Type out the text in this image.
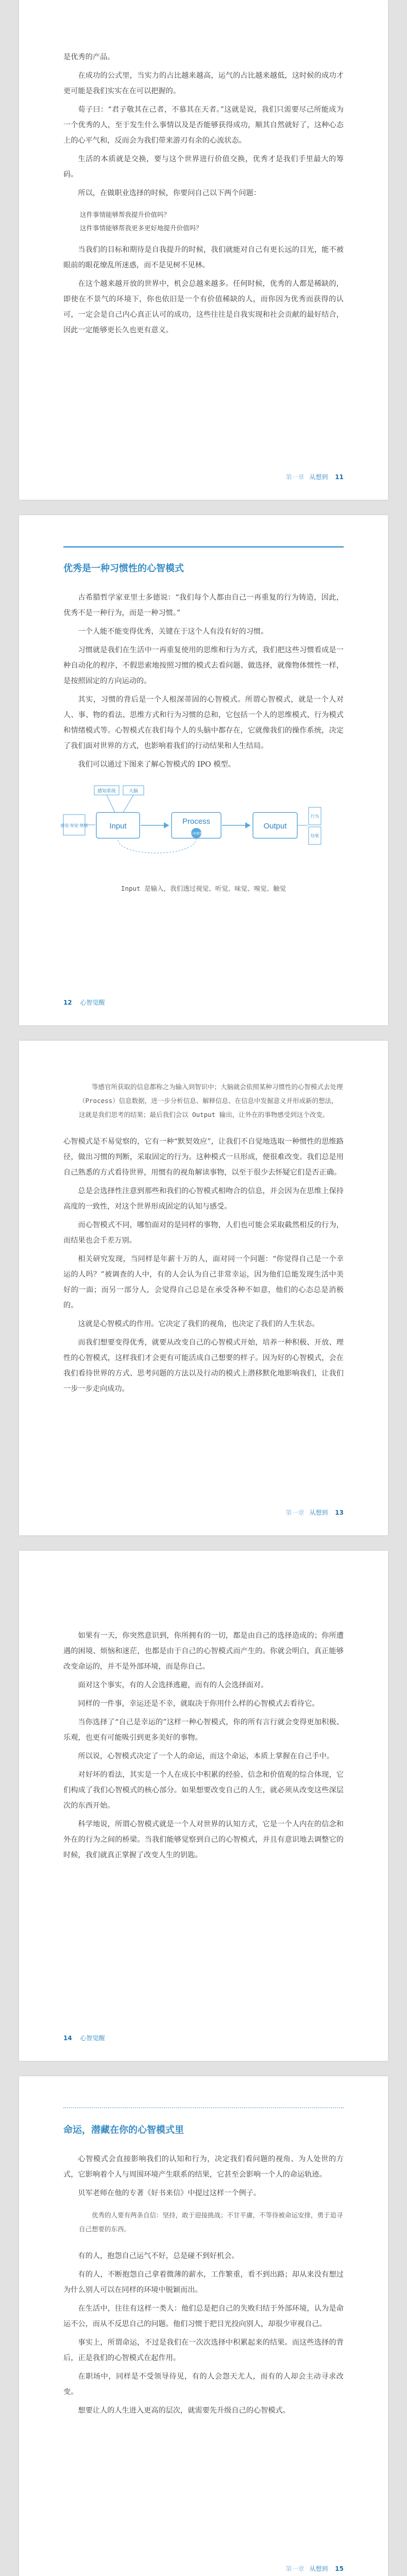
是优秀的产品。

在成功的公式里，当实力的占比越来越高，运气的占比越来越低，这时候的成功才更可能是我们实实在在可以把握的。

荀子曰：“君子敬其在己者，不慕其在天者。”这就是说，我们只需要尽己所能成为一个优秀的人，至于发生什么事情以及是否能够获得成功，顺其自然就好了，这种心态上的心平气和，反而会为我们带来游刃有余的心流状态。

生活的本质就是交换，要与这个世界进行价值交换，优秀才是我们手里最大的筹码。

所以，在做职业选择的时候，你要问自己以下两个问题：

这件事情能够帮我提升价值吗？
这件事情能够帮我更多更好地提升价值吗？

当我们的目标和期待是自我提升的时候，我们就能对自己有更长远的目光，能不被眼前的眼花缭乱所迷惑，而不是见树不见林。

在这个越来越开放的世界中，机会总越来越多。任何时候，优秀的人都是稀缺的，即使在不景气的环境下，你也依旧是一个有价值稀缺的人，而你因为优秀而获得的认可，一定会是自己内心真正认可的成功，这些往往是自我实现和社会贡献的最好结合，因此一定能够更长久也更有意义。

第一章 从想到 11
优秀是一种习惯性的心智模式

古希腊哲学家亚里士多德说：“我们每个人都由自己一再重复的行为铸造，因此，优秀不是一种行为，而是一种习惯。”

一个人能不能变得优秀，关键在于这个人有没有好的习惯。

习惯就是我们在生活中一再重复使用的思维和行为方式，我们把这些习惯看成是一种自动化的程序，不假思索地按照习惯的模式去看问题、做选择，就像物体惯性一样，是按照固定的方向运动的。

其实，习惯的背后是一个人根深蒂固的心智模式。所谓心智模式，就是一个人对人、事、物的看法、思维方式和行为习惯的总和，它包括一个人的思维模式、行为模式和情绪模式等。心智模式在我们每个人的头脑中都存在，它就像我们的操作系统，决定了我们面对世界的方式，也影响着我们的行动结果和人生结局。

我们可以通过下图来了解心智模式的 IPO 模型。

感知系统	大脑
感觉·知觉·情绪	Input
Process
心智模型
Output
行为
结果
Input 是输入，我们透过视觉、听觉、味觉、嗅觉、触觉
12 心智觉醒
等感官所获取的信息都称之为输入到智识中；大脑就会依照某种习惯性的心智模式去处理（Process）信息数据，进一步分析信息、解释信息、在信息中发掘意义并形成新的想法，这就是我们思考的结果；最后我们会以 Output 输出，让外在的事物感受到这个改变。

心智模式是不易觉察的，它有一种“默契效应”，让我们不自觉地选取一种惯性的思维路径，做出习惯的判断，采取固定的行为。这种模式一旦形成，便很难改变。我们总是用自己熟悉的方式看待世界，用惯有的视角解读事物，以至于很少去怀疑它们是否正确。

总是会选择性注意到那些和我们的心智模式相吻合的信息，并会因为在思维上保持高度的一致性，对这个世界形成固定的认知与感受。

而心智模式不同，哪怕面对的是同样的事物，人们也可能会采取截然相反的行为，而结果也会千差万别。

相关研究发现，当同样是年薪十万的人，面对同一个问题：“你觉得自己是一个幸运的人吗？”被调查的人中，有的人会认为自己非常幸运，因为他们总能发现生活中美好的一面；而另一部分人，会觉得自己总是在承受各种不如意，他们的心态总是消极的。

这就是心智模式的作用。它决定了我们的视角，也决定了我们的人生状态。

而我们想要变得优秀，就要从改变自己的心智模式开始，培养一种积极、开放、理性的心智模式，这样我们才会更有可能活成自己想要的样子。因为好的心智模式，会在我们看待世界的方式、思考问题的方法以及行动的模式上潜移默化地影响我们，让我们一步一步走向成功。

第一章 从想到 13

如果有一天，你突然意识到，你所拥有的一切，都是由自己的选择造成的；你所遭遇的困境、烦恼和迷茫，也都是由于自己的心智模式而产生的。你就会明白，真正能够改变命运的，并不是外部环境，而是你自己。

面对这个事实，有的人会选择逃避，而有的人会选择面对。

同样的一件事，幸运还是不幸，就取决于你用什么样的心智模式去看待它。

当你选择了“自己是幸运的”这样一种心智模式，你的所有言行就会变得更加积极、乐观，也更有可能吸引到更多美好的事物。

所以说，心智模式决定了一个人的命运，而这个命运，本质上掌握在自己手中。

对好坏的看法，其实是一个人在成长中积累的经验、信念和价值观的综合体现，它们构成了我们心智模式的核心部分。如果想要改变自己的人生，就必须从改变这些深层次的东西开始。

科学地说，所谓心智模式就是一个人对世界的认知方式，它是一个人内在的信念和外在的行为之间的桥梁。当我们能够觉察到自己的心智模式，并且有意识地去调整它的时候，我们就真正掌握了改变人生的钥匙。

14 心智觉醒
命运，潜藏在你的心智模式里

心智模式会直接影响我们的认知和行为，决定我们看问题的视角、为人处世的方式，它影响着个人与周围环境产生联系的结果，它甚至会影响一个人的命运轨迹。

贝军老师在他的专著《好书来信》中提过这样一个例子。

优秀的人要有两条自信：坚持，敢于迎接挑战；不甘平庸，不等待被命运安排，勇于追寻自己想要的东西。

有的人，抱怨自己运气不好，总是碰不到好机会。

有的人，不断抱怨自己拿着微薄的薪水，工作繁重，看不到出路；却从来没有想过为什么别人可以在同样的环境中脱颖而出。

在生活中，往往有这样一类人：他们总是把自己的失败归结于外部环境，认为是命运不公，而从不反思自己的问题。他们习惯于把目光投向别人，却很少审视自己。

事实上，所谓命运，不过是我们在一次次选择中积累起来的结果。而这些选择的背后，正是我们的心智模式在起作用。

在职场中，同样是不受领导待见，有的人会怨天尤人，而有的人却会主动寻求改变。

想要让人的人生进入更高的层次，就需要先升级自己的心智模式。

第一章 从想到 15
